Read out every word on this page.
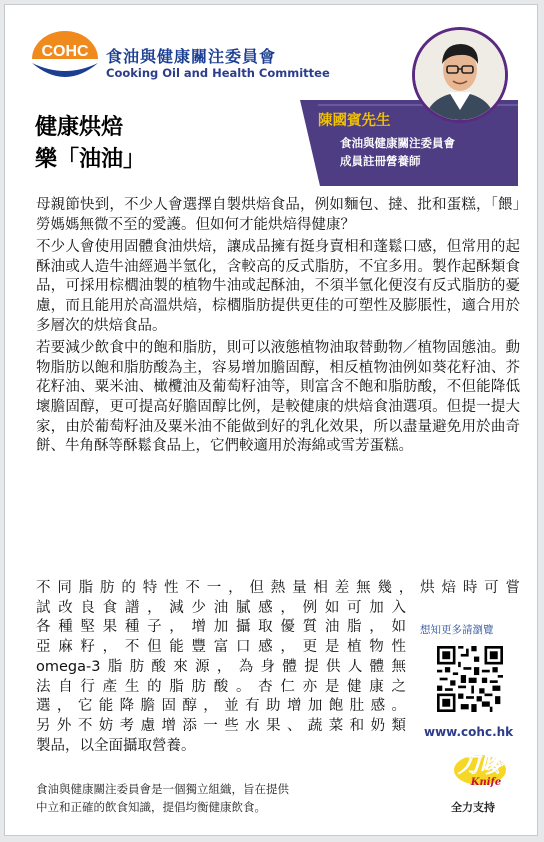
COHC 食油與健康關注委員會
Cooking Oil and Health Committee
健康烘焙
樂「油油」
陳國賓先生
食油與健康關注委員會
成員註冊營養師

母親節快到，不少人會選擇自製烘焙食品，例如麵包、撻、批和蛋糕，「餵」勞媽媽無微不至的愛護。但如何才能烘焙得健康？

不少人會使用固體食油烘焙，讓成品擁有挺身賣相和蓬鬆口感，但常用的起酥油或人造牛油經過半氫化，含較高的反式脂肪，不宜多用。製作起酥類食品，可採用棕櫚油製的植物牛油或起酥油，不須半氫化便沒有反式脂肪的憂慮，而且能用於高溫烘焙，棕櫚脂肪提供更佳的可塑性及膨脹性，適合用於多層次的烘焙食品。

若要減少飲食中的飽和脂肪，則可以液態植物油取替動物／植物固態油。動物脂肪以飽和脂肪酸為主，容易增加膽固醇，相反植物油例如葵花籽油、芥花籽油、粟米油、橄欖油及葡萄籽油等，則富含不飽和脂肪酸，不但能降低壞膽固醇，更可提高好膽固醇比例，是較健康的烘焙食油選項。但提一提大家，由於葡萄籽油及粟米油不能做到好的乳化效果，所以盡量避免用於曲奇餅、牛角酥等酥鬆食品上，它們較適用於海綿或雪芳蛋糕。

不同脂肪的特性不一，但熱量相差無幾，烘焙時可嘗
試改良食譜，減少油膩感，例如可加入
各種堅果種子，增加攝取優質油脂，如
亞麻籽，不但能豐富口感，更是植物性
omega-3脂肪酸來源，為身體提供人體無
法自行產生的脂肪酸。杏仁亦是健康之
選，它能降膽固醇，並有助增加飽肚感。
另外不妨考慮增添一些水果、蔬菜和奶類
製品，以全面攝取營養。
想知更多請瀏覽
www.cohc.hk
刀嘜
Knife
全力支持
食油與健康關注委員會是一個獨立組織，旨在提供
中立和正確的飲食知識，提倡均衡健康飲食。
